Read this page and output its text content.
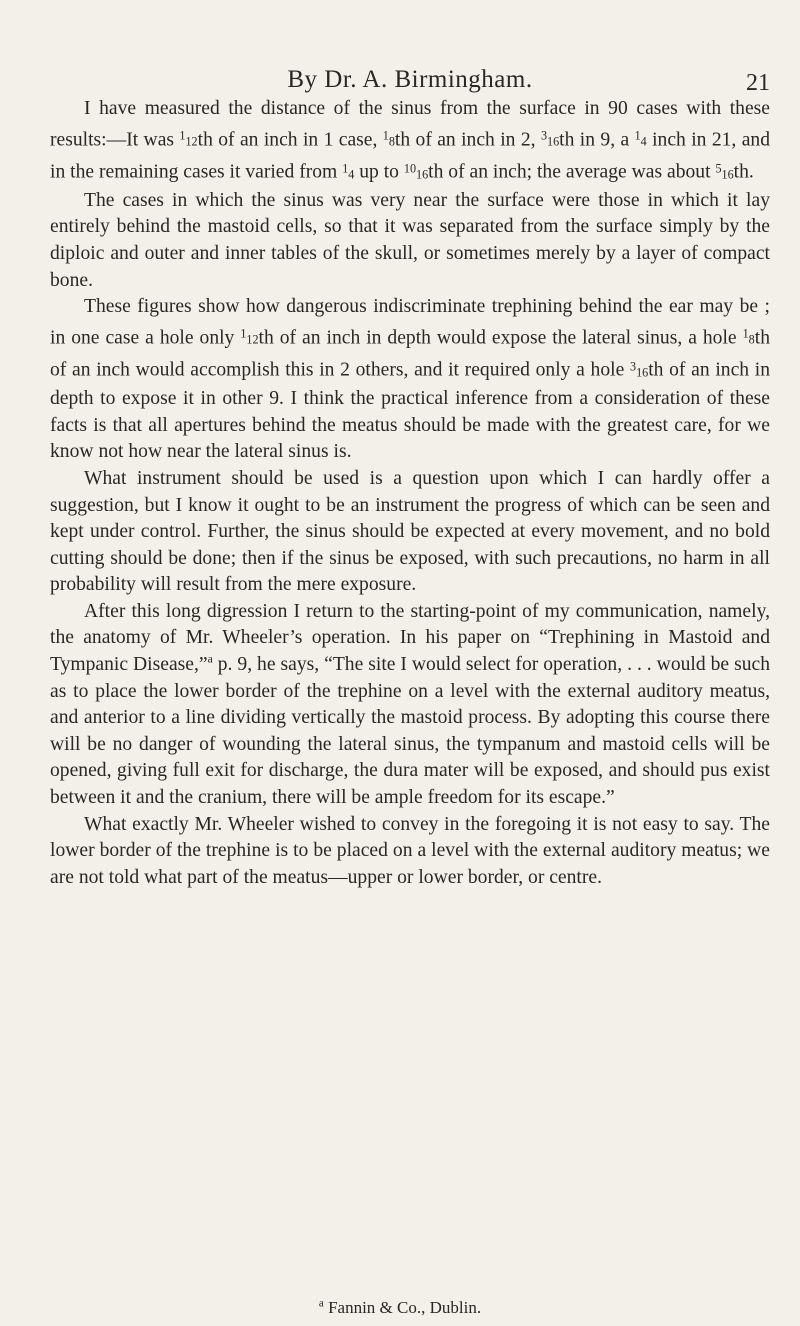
By Dr. A. Birmingham.	21

I have measured the distance of the sinus from the surface in 90 cases with these results:—It was 112th of an inch in 1 case, 18th of an inch in 2, 316th in 9, a 14 inch in 21, and in the remaining cases it varied from 14 up to 1016th of an inch; the average was about 516th.

The cases in which the sinus was very near the surface were those in which it lay entirely behind the mastoid cells, so that it was separated from the surface simply by the diploic and outer and inner tables of the skull, or sometimes merely by a layer of compact bone.

These figures show how dangerous indiscriminate trephining behind the ear may be ; in one case a hole only 112th of an inch in depth would expose the lateral sinus, a hole 18th of an inch would accomplish this in 2 others, and it required only a hole 316th of an inch in depth to expose it in other 9. I think the practical inference from a consideration of these facts is that all apertures behind the meatus should be made with the greatest care, for we know not how near the lateral sinus is.

What instrument should be used is a question upon which I can hardly offer a suggestion, but I know it ought to be an instrument the progress of which can be seen and kept under control. Further, the sinus should be expected at every movement, and no bold cutting should be done; then if the sinus be exposed, with such precautions, no harm in all probability will result from the mere exposure.

After this long digression I return to the starting-point of my communication, namely, the anatomy of Mr. Wheeler’s operation. In his paper on “Trephining in Mastoid and Tympanic Disease,”$^a$ p. 9, he says, “The site I would select for operation, . . . would be such as to place the lower border of the trephine on a level with the external auditory meatus, and anterior to a line dividing vertically the mastoid process. By adopting this course there will be no danger of wounding the lateral sinus, the tympanum and mastoid cells will be opened, giving full exit for discharge, the dura mater will be exposed, and should pus exist between it and the cranium, there will be ample freedom for its escape.”

What exactly Mr. Wheeler wished to convey in the foregoing it is not easy to say. The lower border of the trephine is to be placed on a level with the external auditory meatus; we are not told what part of the meatus—upper or lower border, or centre.

$^a$ Fannin & Co., Dublin.
